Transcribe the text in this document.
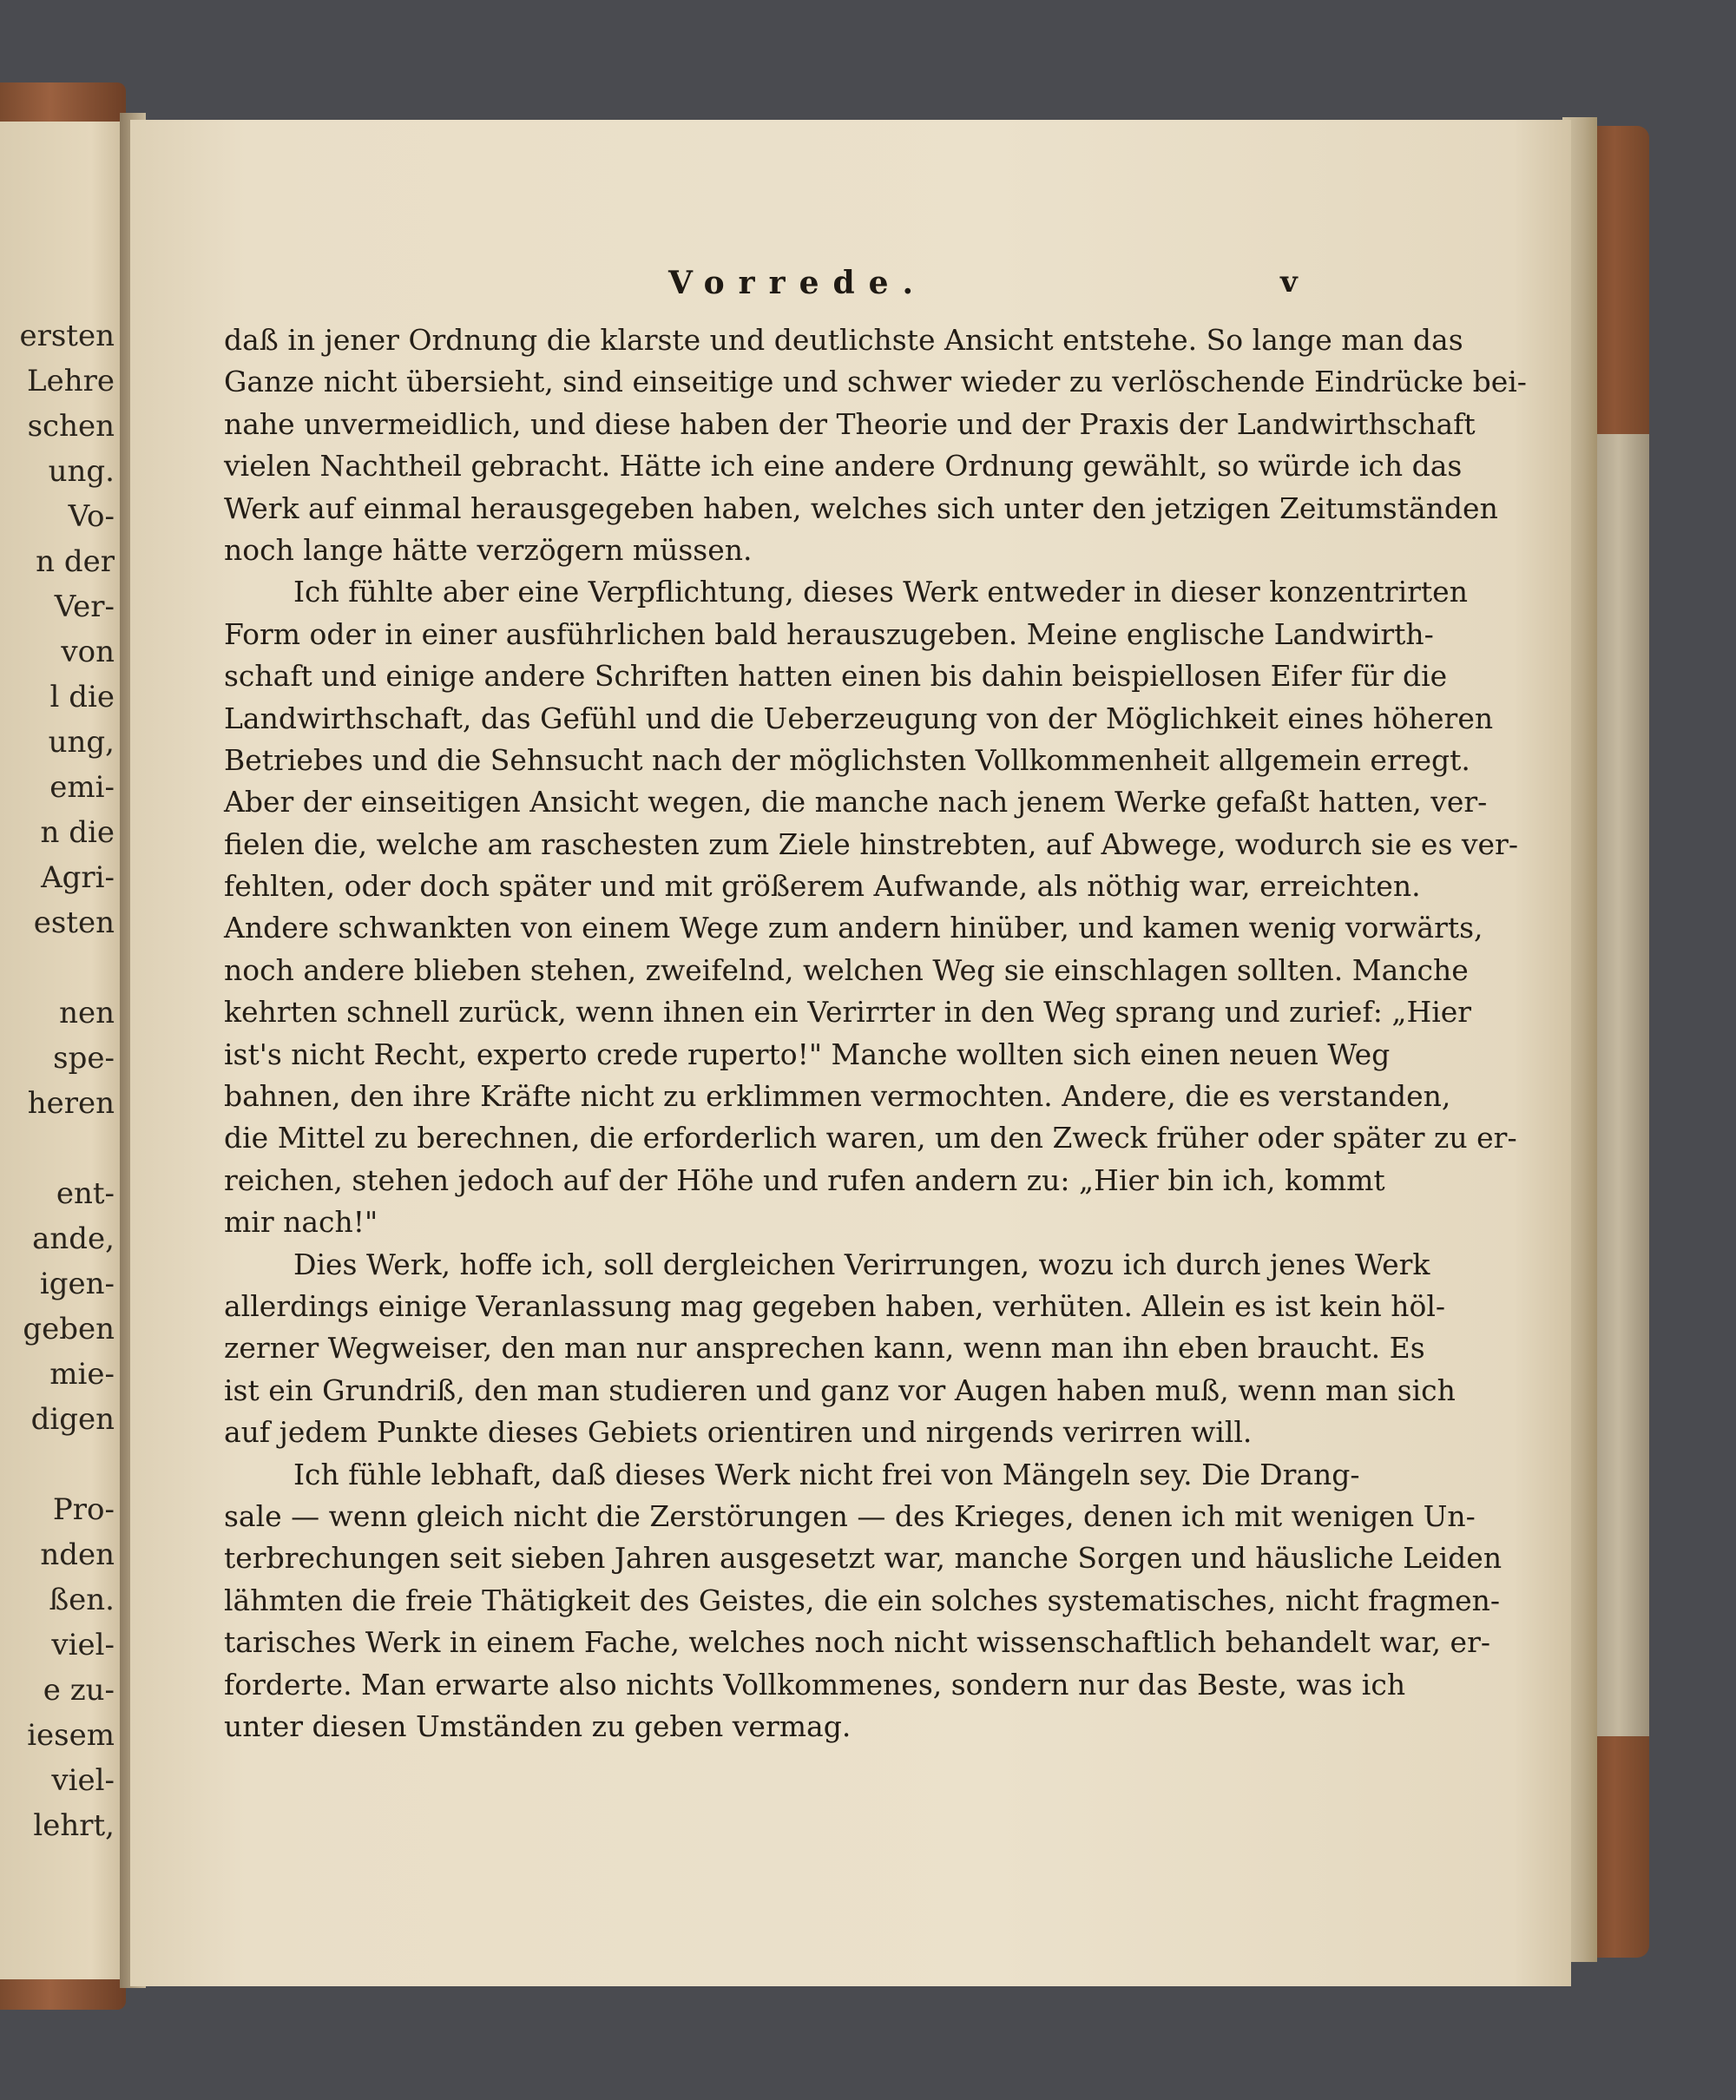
ersten
Lehre
schen
ung.
Vo-
n der
Ver-
von
l die
ung,
emi-
n die
Agri-
esten
nen
spe-
heren
ent-
ande,
igen-
geben
mie-
digen
Pro-
nden
ßen.
viel-
e zu-
iesem
viel-
lehrt,
Vorrede.	v
daß in jener Ordnung die klarste und deutlichste Ansicht entstehe. So lange man das
Ganze nicht übersieht, sind einseitige und schwer wieder zu verlöschende Eindrücke bei-
nahe unvermeidlich, und diese haben der Theorie und der Praxis der Landwirthschaft
vielen Nachtheil gebracht. Hätte ich eine andere Ordnung gewählt, so würde ich das
Werk auf einmal herausgegeben haben, welches sich unter den jetzigen Zeitumständen
noch lange hätte verzögern müssen.
Ich fühlte aber eine Verpflichtung, dieses Werk entweder in dieser konzentrirten
Form oder in einer ausführlichen bald herauszugeben. Meine englische Landwirth-
schaft und einige andere Schriften hatten einen bis dahin beispiellosen Eifer für die
Landwirthschaft, das Gefühl und die Ueberzeugung von der Möglichkeit eines höheren
Betriebes und die Sehnsucht nach der möglichsten Vollkommenheit allgemein erregt.
Aber der einseitigen Ansicht wegen, die manche nach jenem Werke gefaßt hatten, ver-
fielen die, welche am raschesten zum Ziele hinstrebten, auf Abwege, wodurch sie es ver-
fehlten, oder doch später und mit größerem Aufwande, als nöthig war, erreichten.
Andere schwankten von einem Wege zum andern hinüber, und kamen wenig vorwärts,
noch andere blieben stehen, zweifelnd, welchen Weg sie einschlagen sollten. Manche
kehrten schnell zurück, wenn ihnen ein Verirrter in den Weg sprang und zurief: „Hier
ist's nicht Recht, experto crede ruperto!" Manche wollten sich einen neuen Weg
bahnen, den ihre Kräfte nicht zu erklimmen vermochten. Andere, die es verstanden,
die Mittel zu berechnen, die erforderlich waren, um den Zweck früher oder später zu er-
reichen, stehen jedoch auf der Höhe und rufen andern zu: „Hier bin ich, kommt
mir nach!"
Dies Werk, hoffe ich, soll dergleichen Verirrungen, wozu ich durch jenes Werk
allerdings einige Veranlassung mag gegeben haben, verhüten. Allein es ist kein höl-
zerner Wegweiser, den man nur ansprechen kann, wenn man ihn eben braucht. Es
ist ein Grundriß, den man studieren und ganz vor Augen haben muß, wenn man sich
auf jedem Punkte dieses Gebiets orientiren und nirgends verirren will.
Ich fühle lebhaft, daß dieses Werk nicht frei von Mängeln sey. Die Drang-
sale — wenn gleich nicht die Zerstörungen — des Krieges, denen ich mit wenigen Un-
terbrechungen seit sieben Jahren ausgesetzt war, manche Sorgen und häusliche Leiden
lähmten die freie Thätigkeit des Geistes, die ein solches systematisches, nicht fragmen-
tarisches Werk in einem Fache, welches noch nicht wissenschaftlich behandelt war, er-
forderte. Man erwarte also nichts Vollkommenes, sondern nur das Beste, was ich
unter diesen Umständen zu geben vermag.
